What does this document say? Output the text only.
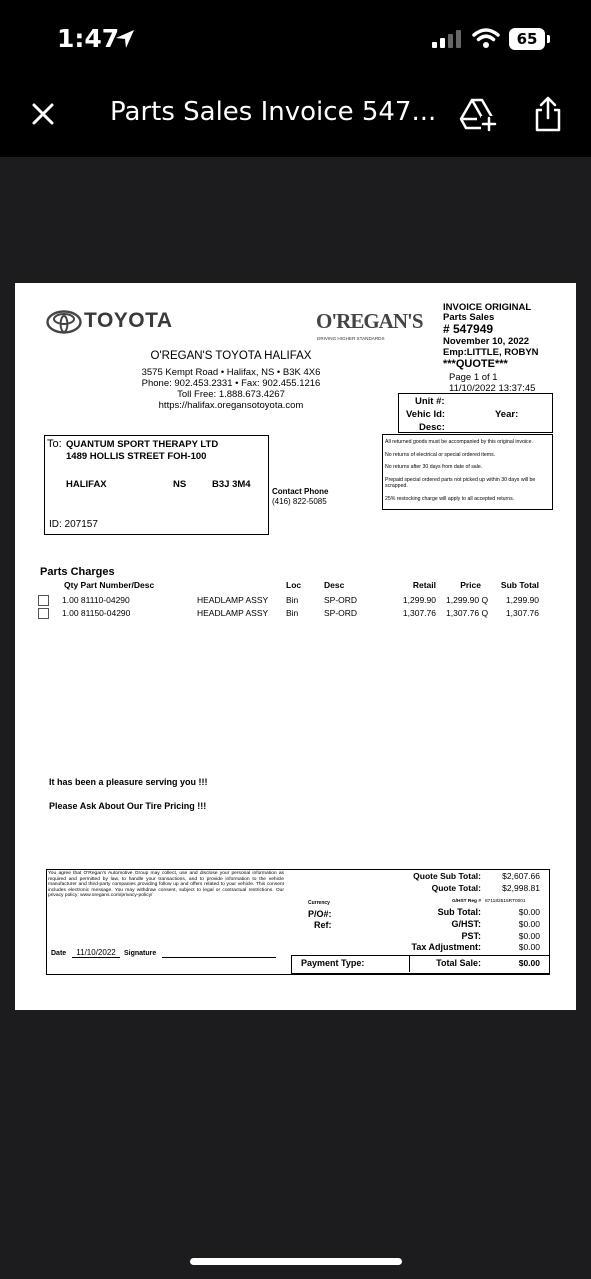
1:47	65
Parts Sales Invoice 547...
TOYOTA	O'REGAN'S
DRIVING HIGHER STANDARDS
O'REGAN'S TOYOTA HALIFAX
3575 Kempt Road • Halifax, NS • B3K 4X6
Phone: 902.453.2331 • Fax: 902.455.1216
Toll Free: 1.888.673.4267
https://halifax.oregansotoyota.com
INVOICE ORIGINAL
Parts Sales
# 547949
November 10, 2022
Emp:LITTLE, ROBYN
***QUOTE***
Page 1 of 1
11/10/2022 13:37:45
Unit #:
Vehic Id:	Year:
Desc:
To: QUANTUM SPORT THERAPY LTD
1489 HOLLIS STREET FOH-100
HALIFAX	NS	B3J 3M4
ID: 207157
Contact Phone
(416) 822-5085
All returned goods must be accompanied by this original invoice.
No returns of electrical or special ordered items.
No returns after 30 days from date of sale.
Prepaid special ordered parts not picked up within 30 days will be scrapped.
25% restocking charge will apply to all accepted returns.
Parts Charges
Qty Part Number/Desc	Loc	Desc	Retail	Price	Sub Total
1.00 81110-04290	HEADLAMP ASSY	Bin	SP-ORD	1,299.90 1,299.90 Q	1,299.90
1.00 81150-04290	HEADLAMP ASSY	Bin	SP-ORD	1,307.76 1,307.76 Q	1,307.76
It has been a pleasure serving you !!!
Please Ask About Our Tire Pricing !!!
You agree that O'Regan's Automotive Group may collect, use and disclose your personal information as required and permitted by law, to handle your transactions, and to provide information to the vehicle manufacturer and third-party companies providing follow up and offers related to your vehicle. This consent includes electronic message. You may withdraw consent, subject to legal or contractual restrictions. Our privacy policy: www.oregans.com/privacy-policy/
Date	11/10/2022	Signature
Currency
P/O#:
Ref:
Payment Type:
Quote Sub Total:	$2,607.66
Quote Total:	$2,998.81
G/HST Reg # 871182515RT0001
Sub Total:	$0.00
G/HST:	$0.00
PST:	$0.00
Tax Adjustment:	$0.00
Total Sale:	$0.00
